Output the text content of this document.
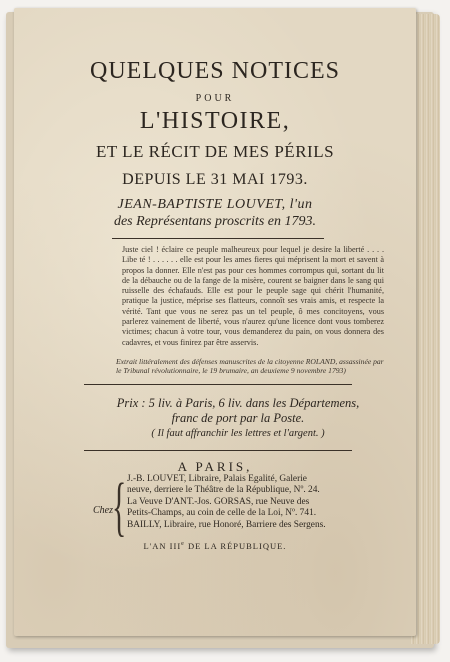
QUELQUES NOTICES
POUR
L'HISTOIRE,
ET LE RÉCIT DE MES PÉRILS
DEPUIS LE 31 MAI 1793.
JEAN-BAPTISTE LOUVET, l'un
des Représentans proscrits en 1793.
Juste ciel ! éclaire ce peuple malheureux pour lequel je desire la liberté . . . . Libe té ! . . . . . . elle est pour les ames fieres qui méprisent la mort et savent à propos la donner. Elle n'est pas pour ces hommes corrompus qui, sortant du lit de la débauche ou de la fange de la misère, courent se baigner dans le sang qui ruisselle des échafauds. Elle est pour le peuple sage qui chérit l'humanité, pratique la justice, méprise ses flatteurs, connoît ses vrais amis, et respecte la vérité. Tant que vous ne serez pas un tel peuple, ô mes concitoyens, vous parlerez vainement de liberté, vous n'aurez qu'une licence dont vous tomberez victimes; chacun à votre tour, vous demanderez du pain, on vous donnera des cadavres, et vous finirez par être asservis.
Extrait littéralement des défenses manuscrites de la citoyenne ROLAND, assassinée par le Tribunal révolutionnaire, le 19 brumaire, an deuxieme 9 novembre 1793)
Prix : 5 liv. à Paris, 6 liv. dans les Départemens,
franc de port par la Poste.
( Il faut affranchir les lettres et l'argent. )
A PARIS,
Chez { J.-B. LOUVET, Libraire, Palais Egalité, Galerie
neuve, derriere le Théâtre de la République, Nº. 24.
La Veuve D'ANT.-Jos. GORSAS, rue Neuve des
Petits-Champs, au coin de celle de la Loi, Nº. 741.
BAILLY, Libraire, rue Honoré, Barriere des Sergens.
L'AN IIIe DE LA RÉPUBLIQUE.
